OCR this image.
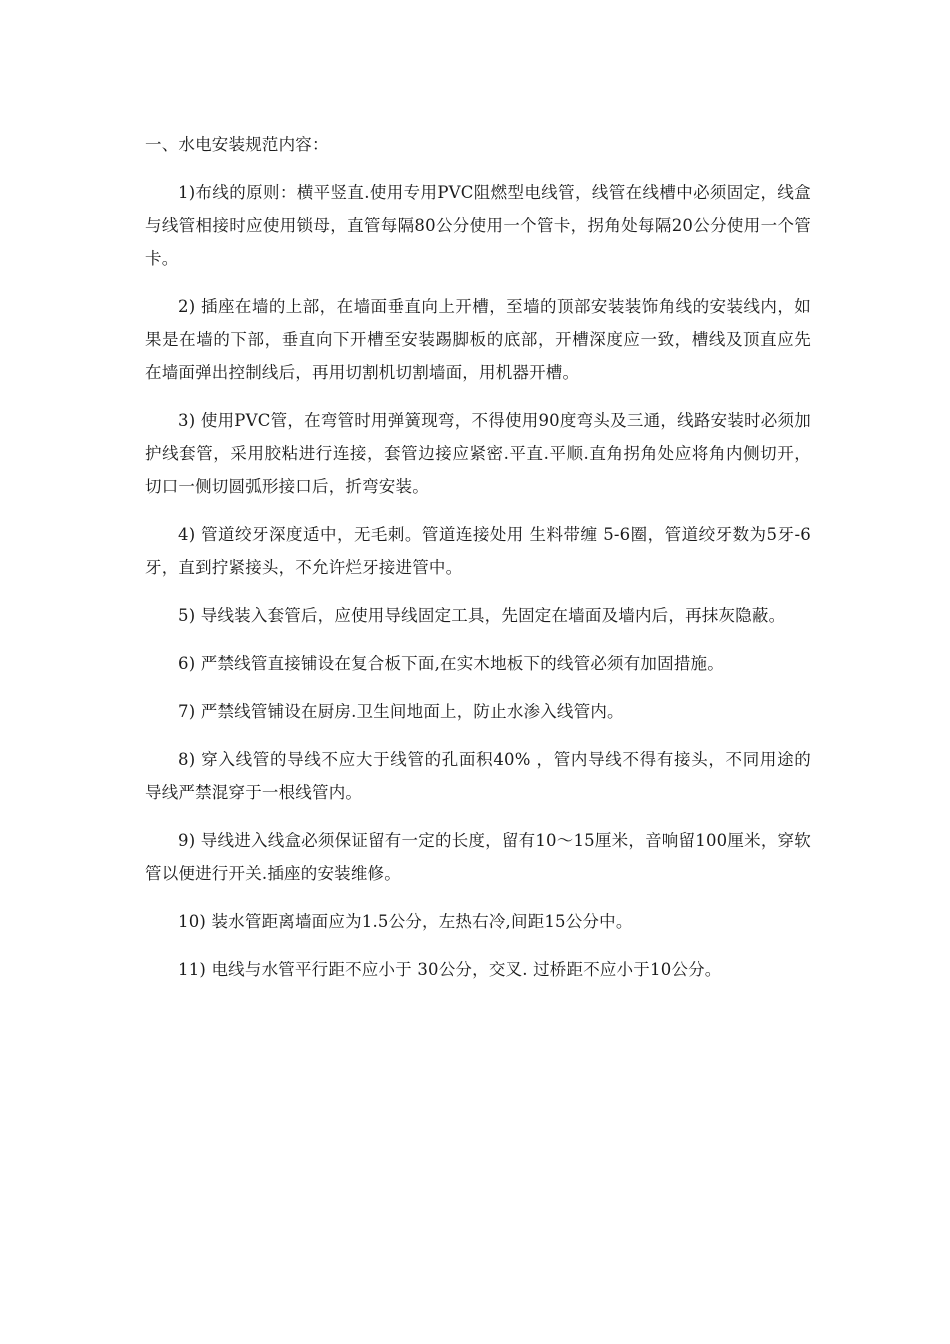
一、水电安装规范内容：

1)布线的原则：横平竖直.使用专用PVC阻燃型电线管，线管在线槽中必须固定，线盒与线管相接时应使用锁母，直管每隔80公分使用一个管卡，拐角处每隔20公分使用一个管卡。

2) 插座在墙的上部，在墙面垂直向上开槽，至墙的顶部安装装饰角线的安装线内，如果是在墙的下部，垂直向下开槽至安装踢脚板的底部，开槽深度应一致，槽线及顶直应先在墙面弹出控制线后，再用切割机切割墙面，用机器开槽。

3) 使用PVC管，在弯管时用弹簧现弯，不得使用90度弯头及三通，线路安装时必须加护线套管，采用胶粘进行连接，套管边接应紧密.平直.平顺.直角拐角处应将角内侧切开，切口一侧切圆弧形接口后，折弯安装。

4) 管道绞牙深度适中，无毛刺。管道连接处用 生料带缠 5-6圈，管道绞牙数为5牙-6牙，直到拧紧接头，不允许烂牙接进管中。

5) 导线装入套管后，应使用导线固定工具，先固定在墙面及墙内后，再抹灰隐蔽。

6) 严禁线管直接铺设在复合板下面,在实木地板下的线管必须有加固措施。

7) 严禁线管铺设在厨房.卫生间地面上，防止水渗入线管内。

8) 穿入线管的导线不应大于线管的孔面积40% ，管内导线不得有接头，不同用途的导线严禁混穿于一根线管内。

9) 导线进入线盒必须保证留有一定的长度，留有10～15厘米，音响留100厘米，穿软管以便进行开关.插座的安装维修。

10) 装水管距离墙面应为1.5公分，左热右冷,间距15公分中。

11) 电线与水管平行距不应小于 30公分，交叉. 过桥距不应小于10公分。
